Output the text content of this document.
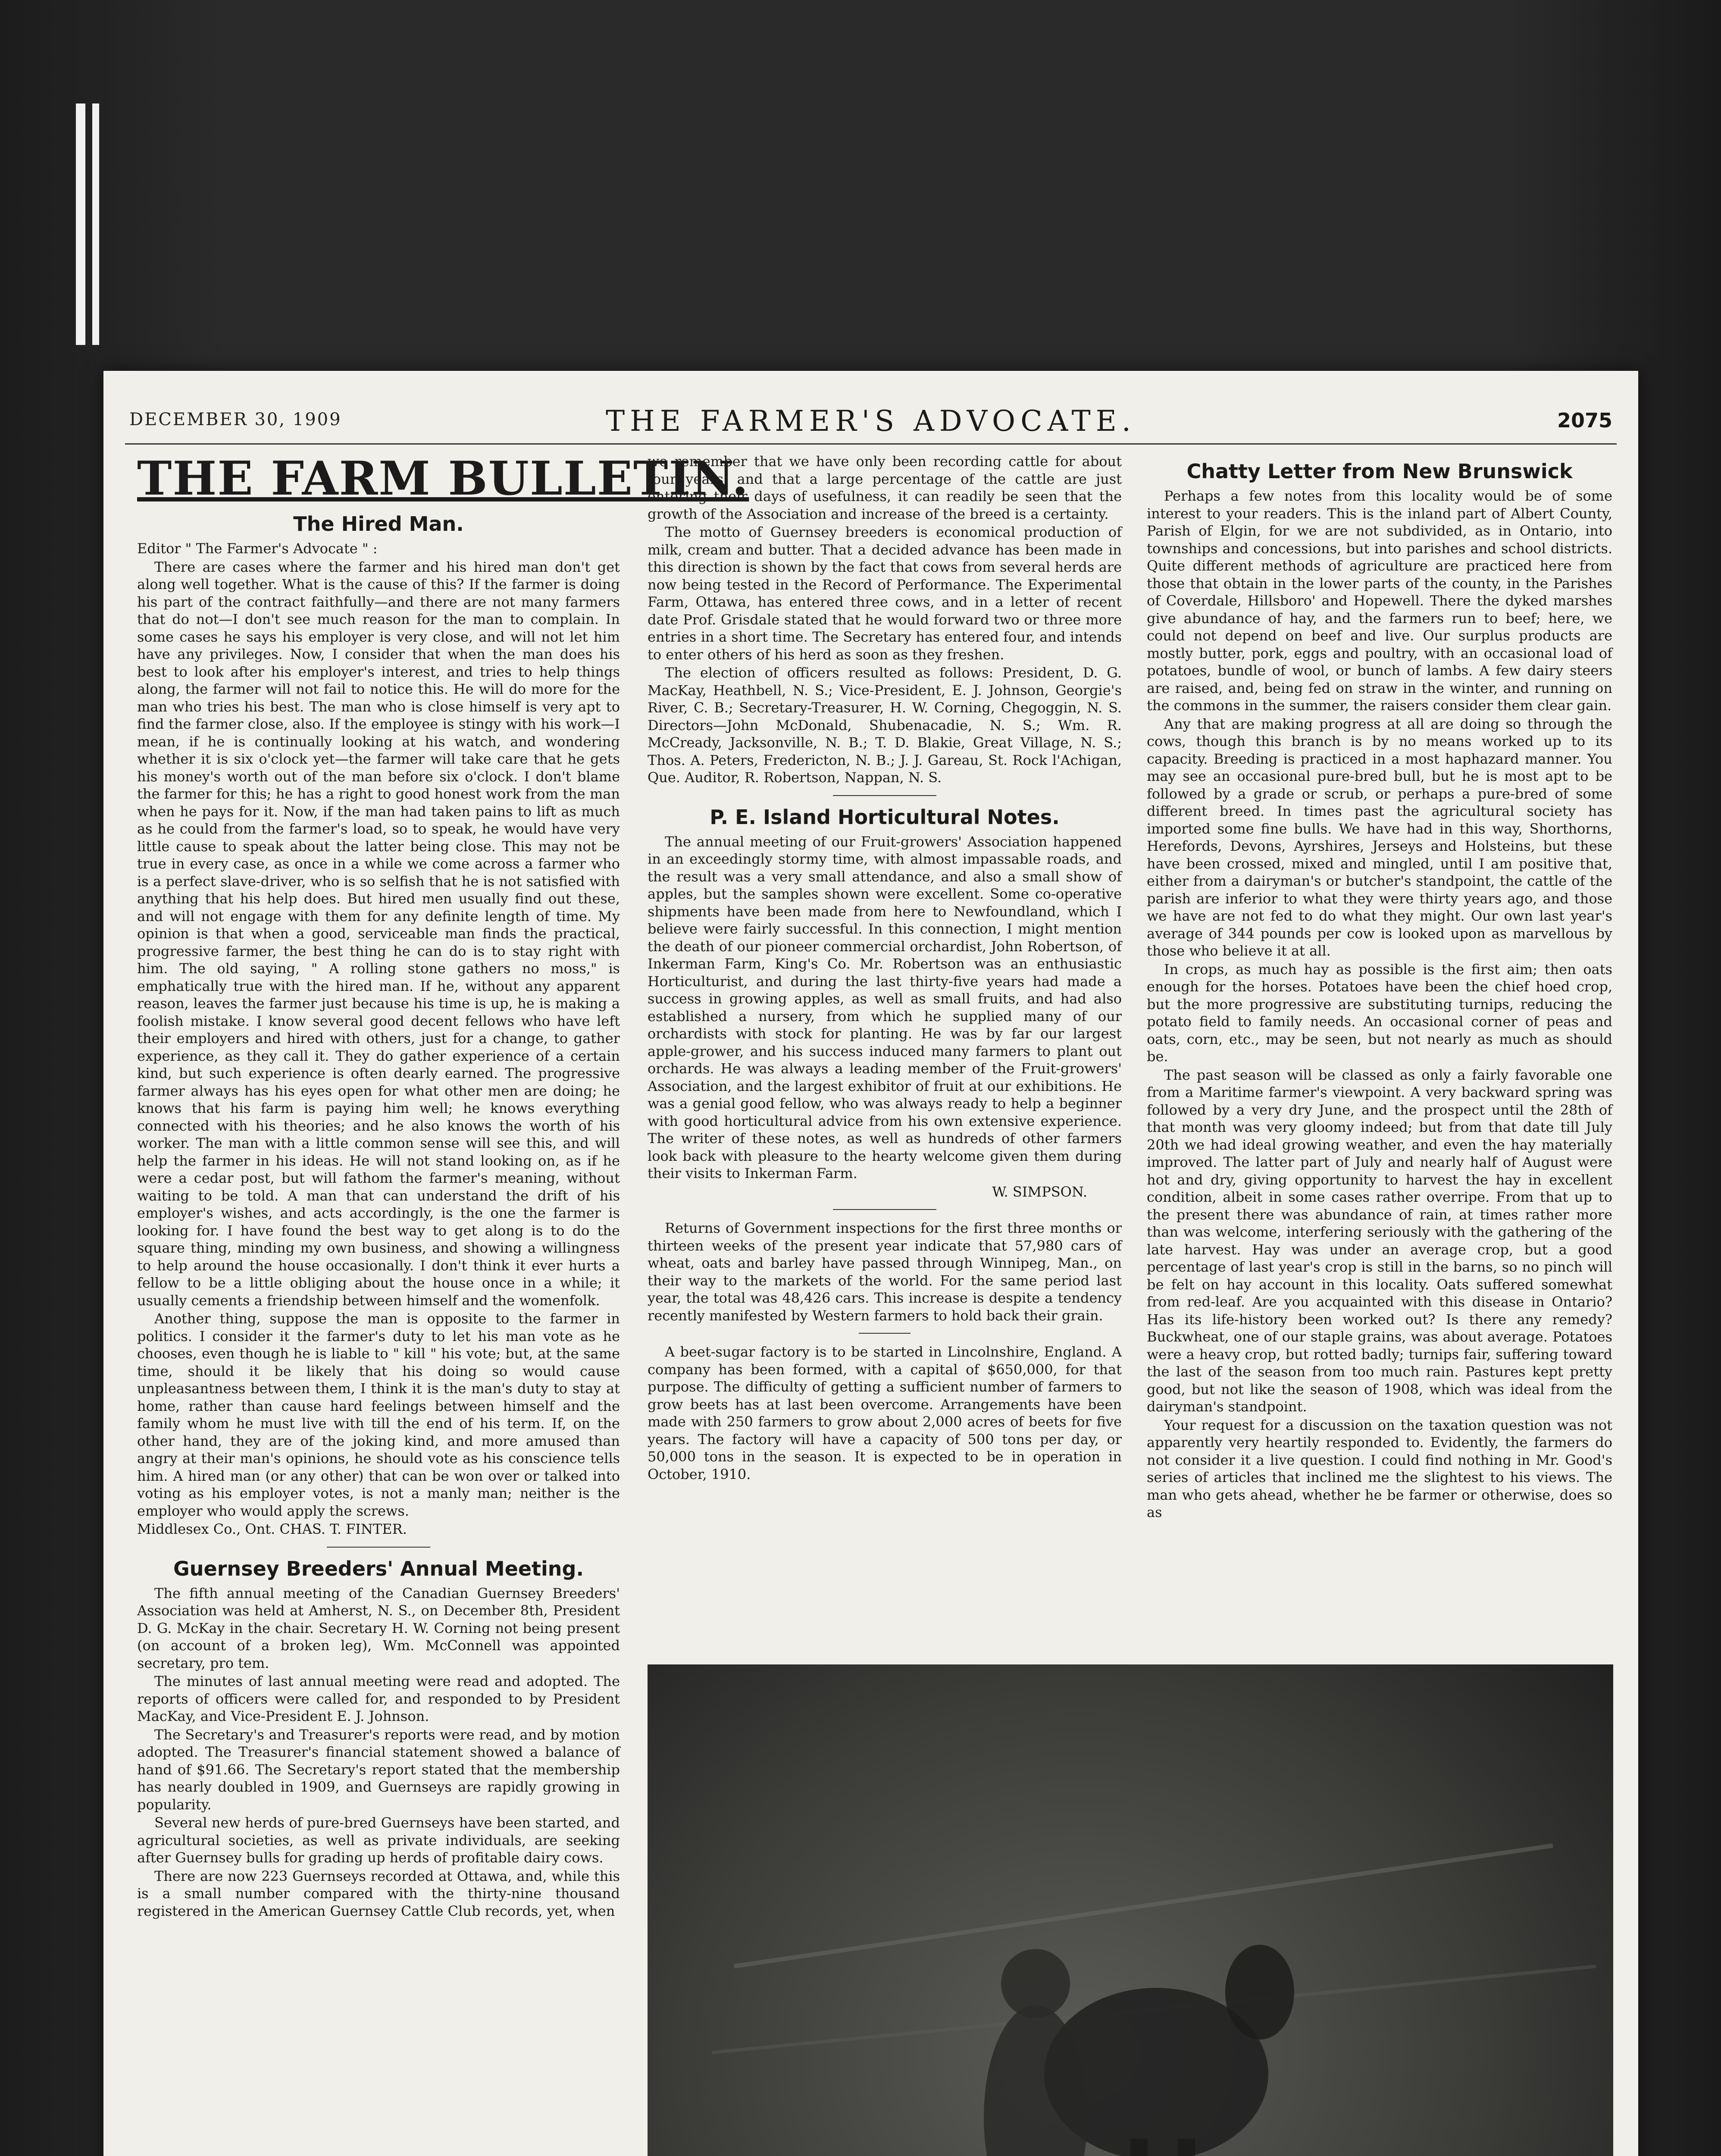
DECEMBER 30, 1909	THE FARMER'S ADVOCATE.	2075
THE FARM BULLETIN.
The Hired Man.

Editor " The Farmer's Advocate " :

There are cases where the farmer and his hired man don't get along well together. What is the cause of this? If the farmer is doing his part of the contract faithfully—and there are not many farmers that do not—I don't see much reason for the man to complain. In some cases he says his employer is very close, and will not let him have any privileges. Now, I consider that when the man does his best to look after his employer's interest, and tries to help things along, the farmer will not fail to notice this. He will do more for the man who tries his best. The man who is close himself is very apt to find the farmer close, also. If the employee is stingy with his work—I mean, if he is continually looking at his watch, and wondering whether it is six o'clock yet—the farmer will take care that he gets his money's worth out of the man before six o'clock. I don't blame the farmer for this; he has a right to good honest work from the man when he pays for it. Now, if the man had taken pains to lift as much as he could from the farmer's load, so to speak, he would have very little cause to speak about the latter being close. This may not be true in every case, as once in a while we come across a farmer who is a perfect slave-driver, who is so selfish that he is not satisfied with anything that his help does. But hired men usually find out these, and will not engage with them for any definite length of time. My opinion is that when a good, serviceable man finds the practical, progressive farmer, the best thing he can do is to stay right with him. The old saying, " A rolling stone gathers no moss," is emphatically true with the hired man. If he, without any apparent reason, leaves the farmer just because his time is up, he is making a foolish mistake. I know several good decent fellows who have left their employers and hired with others, just for a change, to gather experience, as they call it. They do gather experience of a certain kind, but such experience is often dearly earned. The progressive farmer always has his eyes open for what other men are doing; he knows that his farm is paying him well; he knows everything connected with his theories; and he also knows the worth of his worker. The man with a little common sense will see this, and will help the farmer in his ideas. He will not stand looking on, as if he were a cedar post, but will fathom the farmer's meaning, without waiting to be told. A man that can understand the drift of his employer's wishes, and acts accordingly, is the one the farmer is looking for. I have found the best way to get along is to do the square thing, minding my own business, and showing a willingness to help around the house occasionally. I don't think it ever hurts a fellow to be a little obliging about the house once in a while; it usually cements a friendship between himself and the womenfolk.

Another thing, suppose the man is opposite to the farmer in politics. I consider it the farmer's duty to let his man vote as he chooses, even though he is liable to " kill " his vote; but, at the same time, should it be likely that his doing so would cause unpleasantness between them, I think it is the man's duty to stay at home, rather than cause hard feelings between himself and the family whom he must live with till the end of his term. If, on the other hand, they are of the joking kind, and more amused than angry at their man's opinions, he should vote as his conscience tells him. A hired man (or any other) that can be won over or talked into voting as his employer votes, is not a manly man; neither is the employer who would apply the screws.

Middlesex Co., Ont. CHAS. T. FINTER.

Guernsey Breeders' Annual Meeting.

The fifth annual meeting of the Canadian Guernsey Breeders' Association was held at Amherst, N. S., on December 8th, President D. G. McKay in the chair. Secretary H. W. Corning not being present (on account of a broken leg), Wm. McConnell was appointed secretary, pro tem.

The minutes of last annual meeting were read and adopted. The reports of officers were called for, and responded to by President MacKay, and Vice-President E. J. Johnson.

The Secretary's and Treasurer's reports were read, and by motion adopted. The Treasurer's financial statement showed a balance of hand of $91.66. The Secretary's report stated that the membership has nearly doubled in 1909, and Guernseys are rapidly growing in popularity.

Several new herds of pure-bred Guernseys have been started, and agricultural societies, as well as private individuals, are seeking after Guernsey bulls for grading up herds of profitable dairy cows.

There are now 223 Guernseys recorded at Ottawa, and, while this is a small number compared with the thirty-nine thousand registered in the American Guernsey Cattle Club records, yet, when

we remember that we have only been recording cattle for about four years, and that a large percentage of the cattle are just entering their days of usefulness, it can readily be seen that the growth of the Association and increase of the breed is a certainty.

The motto of Guernsey breeders is economical production of milk, cream and butter. That a decided advance has been made in this direction is shown by the fact that cows from several herds are now being tested in the Record of Performance. The Experimental Farm, Ottawa, has entered three cows, and in a letter of recent date Prof. Grisdale stated that he would forward two or three more entries in a short time. The Secretary has entered four, and intends to enter others of his herd as soon as they freshen.

The election of officers resulted as follows: President, D. G. MacKay, Heathbell, N. S.; Vice-President, E. J. Johnson, Georgie's River, C. B.; Secretary-Treasurer, H. W. Corning, Chegoggin, N. S. Directors—John McDonald, Shubenacadie, N. S.; Wm. R. McCready, Jacksonville, N. B.; T. D. Blakie, Great Village, N. S.; Thos. A. Peters, Fredericton, N. B.; J. J. Gareau, St. Rock l'Achigan, Que. Auditor, R. Robertson, Nappan, N. S.

P. E. Island Horticultural Notes.

The annual meeting of our Fruit-growers' Association happened in an exceedingly stormy time, with almost impassable roads, and the result was a very small attendance, and also a small show of apples, but the samples shown were excellent. Some co-operative shipments have been made from here to Newfoundland, which I believe were fairly successful. In this connection, I might mention the death of our pioneer commercial orchardist, John Robertson, of Inkerman Farm, King's Co. Mr. Robertson was an enthusiastic Horticulturist, and during the last thirty-five years had made a success in growing apples, as well as small fruits, and had also established a nursery, from which he supplied many of our orchardists with stock for planting. He was by far our largest apple-grower, and his success induced many farmers to plant out orchards. He was always a leading member of the Fruit-growers' Association, and the largest exhibitor of fruit at our exhibitions. He was a genial good fellow, who was always ready to help a beginner with good horticultural advice from his own extensive experience. The writer of these notes, as well as hundreds of other farmers look back with pleasure to the hearty welcome given them during their visits to Inkerman Farm.

W. SIMPSON.

Returns of Government inspections for the first three months or thirteen weeks of the present year indicate that 57,980 cars of wheat, oats and barley have passed through Winnipeg, Man., on their way to the markets of the world. For the same period last year, the total was 48,426 cars. This increase is despite a tendency recently manifested by Western farmers to hold back their grain.

A beet-sugar factory is to be started in Lincolnshire, England. A company has been formed, with a capital of $650,000, for that purpose. The difficulty of getting a sufficient number of farmers to grow beets has at last been overcome. Arrangements have been made with 250 farmers to grow about 2,000 acres of beets for five years. The factory will have a capacity of 500 tons per day, or 50,000 tons in the season. It is expected to be in operation in October, 1910.

Chatty Letter from New Brunswick

Perhaps a few notes from this locality would be of some interest to your readers. This is the inland part of Albert County, Parish of Elgin, for we are not subdivided, as in Ontario, into townships and concessions, but into parishes and school districts. Quite different methods of agriculture are practiced here from those that obtain in the lower parts of the county, in the Parishes of Coverdale, Hillsboro' and Hopewell. There the dyked marshes give abundance of hay, and the farmers run to beef; here, we could not depend on beef and live. Our surplus products are mostly butter, pork, eggs and poultry, with an occasional load of potatoes, bundle of wool, or bunch of lambs. A few dairy steers are raised, and, being fed on straw in the winter, and running on the commons in the summer, the raisers consider them clear gain.

Any that are making progress at all are doing so through the cows, though this branch is by no means worked up to its capacity. Breeding is practiced in a most haphazard manner. You may see an occasional pure-bred bull, but he is most apt to be followed by a grade or scrub, or perhaps a pure-bred of some different breed. In times past the agricultural society has imported some fine bulls. We have had in this way, Shorthorns, Herefords, Devons, Ayrshires, Jerseys and Holsteins, but these have been crossed, mixed and mingled, until I am positive that, either from a dairyman's or butcher's standpoint, the cattle of the parish are inferior to what they were thirty years ago, and those we have are not fed to do what they might. Our own last year's average of 344 pounds per cow is looked upon as marvellous by those who believe it at all.

In crops, as much hay as possible is the first aim; then oats enough for the horses. Potatoes have been the chief hoed crop, but the more progressive are substituting turnips, reducing the potato field to family needs. An occasional corner of peas and oats, corn, etc., may be seen, but not nearly as much as should be.

The past season will be classed as only a fairly favorable one from a Maritime farmer's viewpoint. A very backward spring was followed by a very dry June, and the prospect until the 28th of that month was very gloomy indeed; but from that date till July 20th we had ideal growing weather, and even the hay materially improved. The latter part of July and nearly half of August were hot and dry, giving opportunity to harvest the hay in excellent condition, albeit in some cases rather overripe. From that up to the present there was abundance of rain, at times rather more than was welcome, interfering seriously with the gathering of the late harvest. Hay was under an average crop, but a good percentage of last year's crop is still in the barns, so no pinch will be felt on hay account in this locality. Oats suffered somewhat from red-leaf. Are you acquainted with this disease in Ontario? Has its life-history been worked out? Is there any remedy? Buckwheat, one of our staple grains, was about average. Potatoes were a heavy crop, but rotted badly; turnips fair, suffering toward the last of the season from too much rain. Pastures kept pretty good, but not like the season of 1908, which was ideal from the dairyman's standpoint.

Your request for a discussion on the taxation question was not apparently very heartily responded to. Evidently, the farmers do not consider it a live question. I could find nothing in Mr. Good's series of articles that inclined me the slightest to his views. The man who gets ahead, whether he be farmer or otherwise, does so as
